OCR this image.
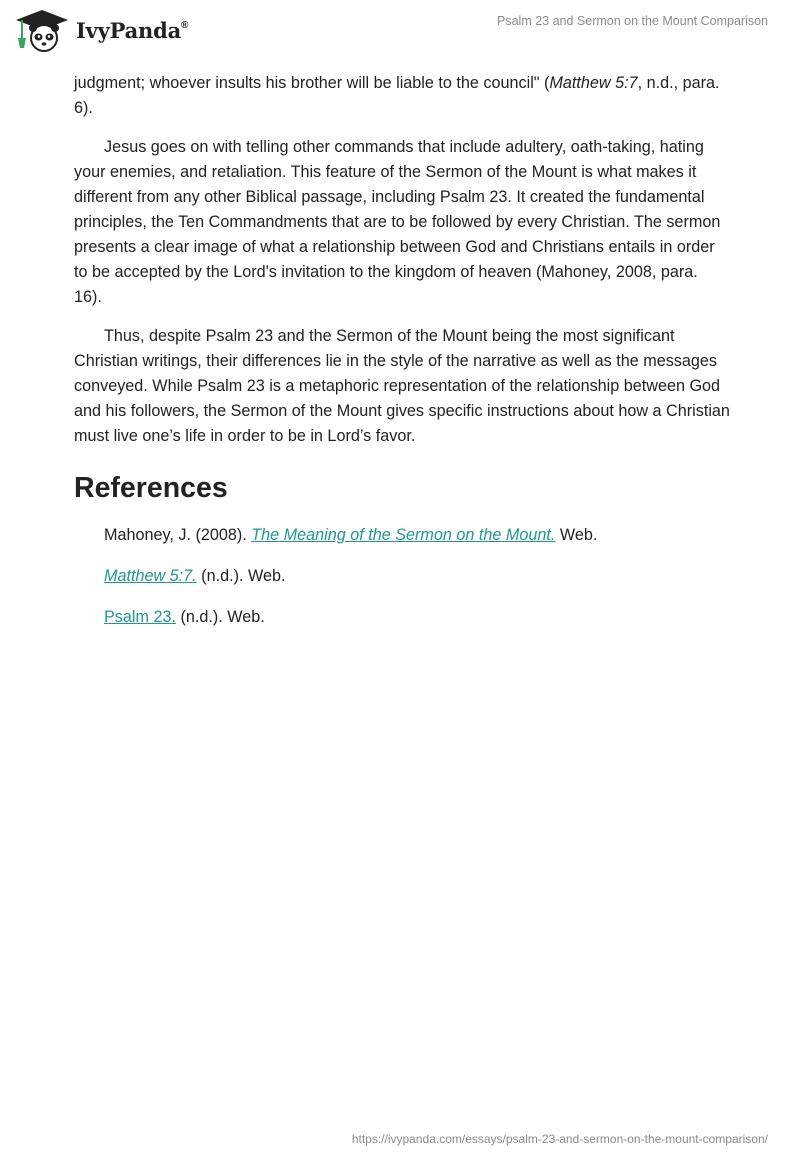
IvyPanda®	Psalm 23 and Sermon on the Mount Comparison

judgment; whoever insults his brother will be liable to the council" (Matthew 5:7, n.d., para. 6).

Jesus goes on with telling other commands that include adultery, oath-taking, hating your enemies, and retaliation. This feature of the Sermon of the Mount is what makes it different from any other Biblical passage, including Psalm 23. It created the fundamental principles, the Ten Commandments that are to be followed by every Christian. The sermon presents a clear image of what a relationship between God and Christians entails in order to be accepted by the Lord's invitation to the kingdom of heaven (Mahoney, 2008, para. 16).

Thus, despite Psalm 23 and the Sermon of the Mount being the most significant Christian writings, their differences lie in the style of the narrative as well as the messages conveyed. While Psalm 23 is a metaphoric representation of the relationship between God and his followers, the Sermon of the Mount gives specific instructions about how a Christian must live one’s life in order to be in Lord’s favor.

References
Mahoney, J. (2008). The Meaning of the Sermon on the Mount. Web.
Matthew 5:7. (n.d.). Web.
Psalm 23. (n.d.). Web.
https://ivypanda.com/essays/psalm-23-and-sermon-on-the-mount-comparison/
